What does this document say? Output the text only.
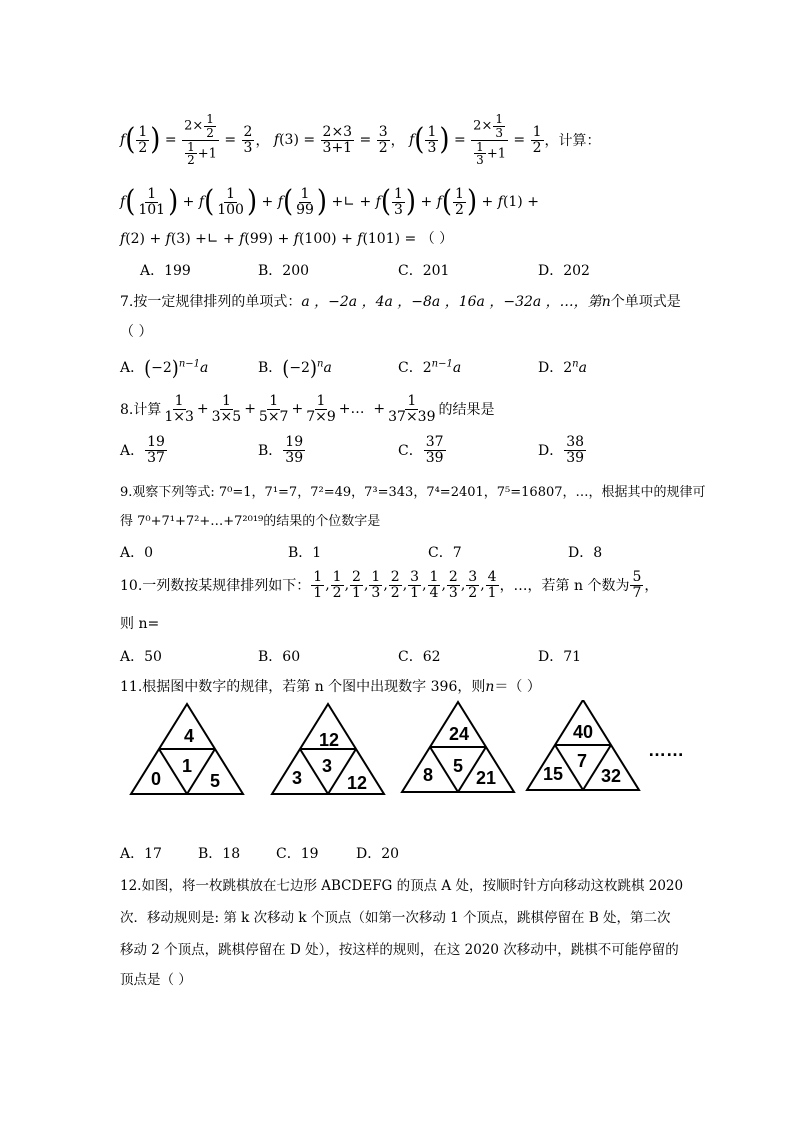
f ( $\frac{1}{2}$ ) = $\frac{2\times \frac{1}{2}}{\frac{1}{2} +1} = \frac{2}{3}$ ， f $(3) = \frac{2\times 3}{3+1} = \frac{3}{2}$ ， f ( $\frac{1}{3}$ ) = $\frac{2\times \frac{1}{3}}{\frac{1}{3} +1} = \frac{1}{2}$ ，计算：
f ( $\frac{1}{101}$ ) + f ( $\frac{1}{100}$ ) + f ( $\frac{1}{99}$ ) +∟ + f ( $\frac{1}{3}$ ) + f ( $\frac{1}{2}$ ) + f (1) +
f(2) + f(3) +∟ + f(99) + f(100) + f(101) = （ ）
A．199	B．200	C．201	D．202
7.按一定规律排列的单项式：a ，−2a ，4a ，−8a ，16a ，−32a ，…，第n个单项式是
（ ）
A．$(-2)^{n-1}a$	B．$(-2)^na$	C．$2^{n-1}a$	D．2$^n$a
8.计算 $\frac{1}{1\times 3} + \frac{1}{3\times 5} + \frac{1}{5\times 7} + \frac{1}{7\times 9}$ +…  + $\frac{1}{37\times 39}$ 的结果是
A． $\frac{19}{37}$	B． $\frac{19}{39}$	C． $\frac{37}{39}$	D． $\frac{38}{39}$
9.观察下列等式: 7⁰=1，7¹=7，7²=49，7³=343，7⁴=2401，7⁵=16807，…，根据其中的规律可
得 7⁰+7¹+7²+…+7²⁰¹⁹的结果的个位数字是
A．0	B．1	C．7	D．8
10.一列数按某规律排列如下： $\frac{1}{1}$ , $\frac{1}{2}$ , $\frac{2}{1}$ , $\frac{1}{3}$ , $\frac{2}{2}$ , $\frac{3}{1}$ , $\frac{1}{4}$ , $\frac{2}{3}$ , $\frac{3}{2}$ , $\frac{4}{1}$ ，…，若第 n 个数为 $\frac{5}{7}$ ，
则 n=
A．50	B．60	C．62	D．71
11.根据图中数字的规律，若第 n 个图中出现数字 396，则n＝（ ）
4
1
0	5
12
3
3 12
24
5
8 21
40
7
15 32
……
A．17	B．18	C．19	D．20
12.如图，将一枚跳棋放在七边形 ABCDEFG 的顶点 A 处，按顺时针方向移动这枚跳棋 2020
次．移动规则是: 第 k 次移动 k 个顶点（如第一次移动 1 个顶点，跳棋停留在 B 处，第二次
移动 2 个顶点，跳棋停留在 D 处），按这样的规则，在这 2020 次移动中，跳棋不可能停留的
顶点是（ ）
